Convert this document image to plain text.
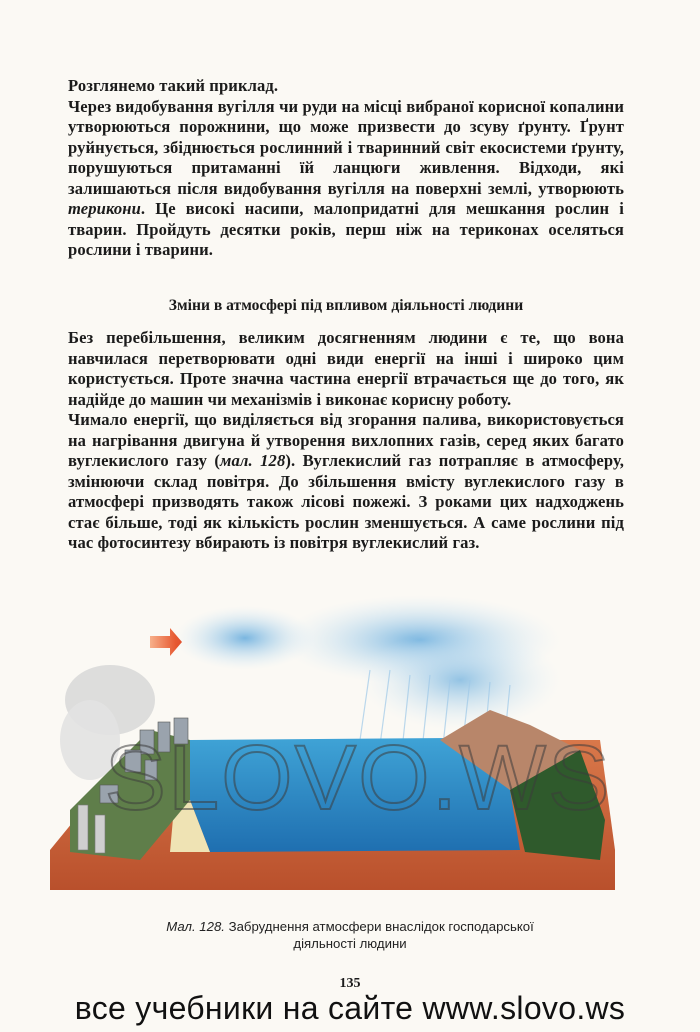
Розглянемо такий приклад.

Через видобування вугілля чи руди на місці вибраної корисної копалини утворюються порожнини, що може призвести до зсуву ґрунту. Ґрунт руйнується, збіднюється рослинний і тваринний світ екосистеми ґрунту, порушуються притаманні їй ланцюги живлення. Відходи, які залишаються після видобування вугілля на поверхні землі, утворюють терикони. Це високі насипи, малопридатні для мешкання рослин і тварин. Пройдуть десятки років, перш ніж на териконах оселяться рослини і тварини.

Зміни в атмосфері під впливом діяльності людини

Без перебільшення, великим досягненням людини є те, що вона навчилася перетворювати одні види енергії на інші і широко цим користується. Проте значна частина енергії втрачається ще до того, як надійде до машин чи механізмів і виконає корисну роботу.

Чимало енергії, що виділяється від згорання палива, використовується на нагрівання двигуна й утворення вихлопних газів, серед яких багато вуглекислого газу (мал. 128). Вуглекислий газ потрапляє в атмосферу, змінюючи склад повітря. До збільшення вмісту вуглекислого газу в атмосфері призводять також лісові пожежі. З роками цих надходжень стає більше, тоді як кількість рослин зменшується. А саме рослини під час фотосинтезу вбирають із повітря вуглекислий газ.

SLOVO.WS
Мал. 128. Забруднення атмосфери внаслідок господарської діяльності людини
135
все учебники на сайте www.slovo.ws
